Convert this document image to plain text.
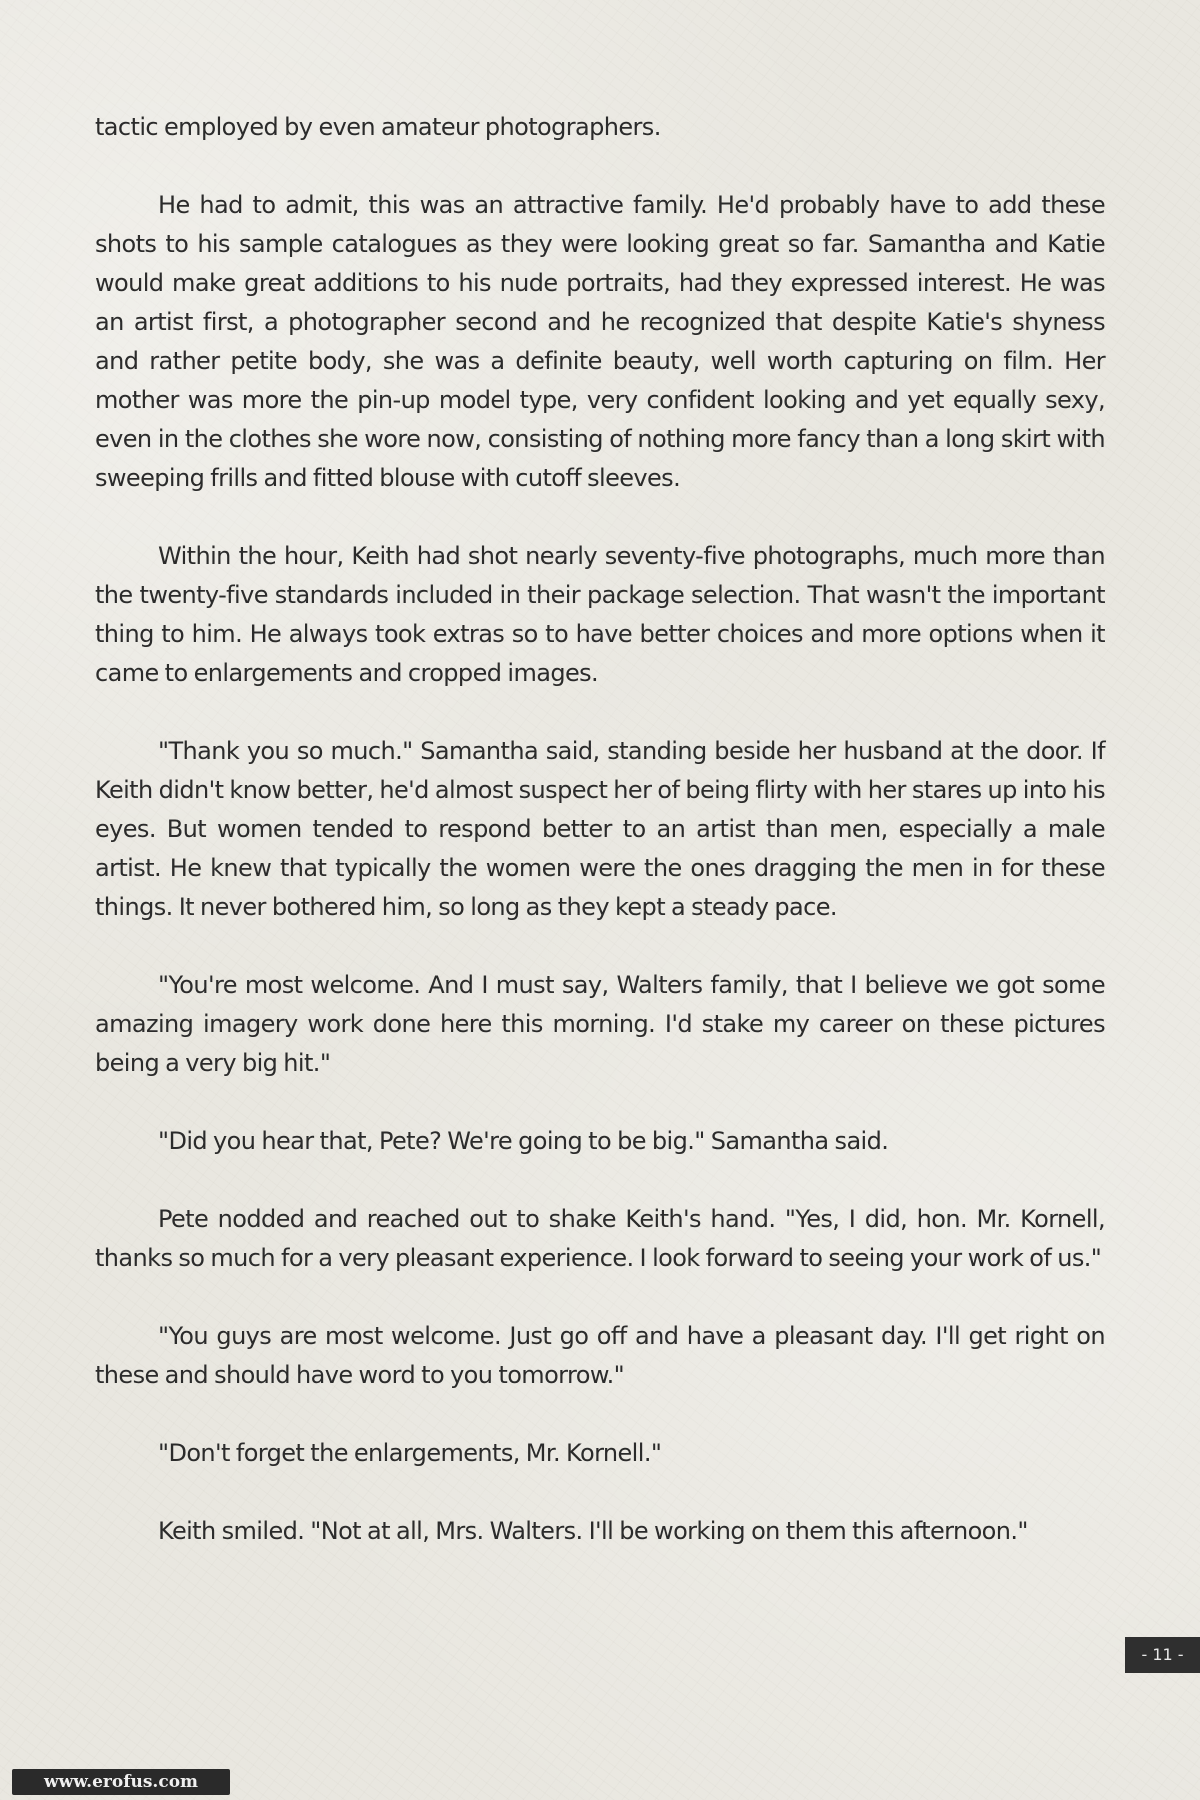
tactic employed by even amateur photographers.

He had to admit, this was an attractive family. He'd probably have to add these shots to his sample catalogues as they were looking great so far. Samantha and Katie would make great additions to his nude portraits, had they expressed interest. He was an artist first, a photographer second and he recognized that despite Katie's shyness and rather petite body, she was a definite beauty, well worth capturing on film. Her mother was more the pin-up model type, very confident looking and yet equally sexy, even in the clothes she wore now, consisting of nothing more fancy than a long skirt with sweeping frills and fitted blouse with cutoff sleeves.

Within the hour, Keith had shot nearly seventy-five photographs, much more than the twenty-five standards included in their package selection. That wasn't the important thing to him. He always took extras so to have better choices and more options when it came to enlargements and cropped images.

"Thank you so much." Samantha said, standing beside her husband at the door. If Keith didn't know better, he'd almost suspect her of being flirty with her stares up into his eyes. But women tended to respond better to an artist than men, especially a male artist. He knew that typically the women were the ones dragging the men in for these things. It never bothered him, so long as they kept a steady pace.

"You're most welcome. And I must say, Walters family, that I believe we got some amazing imagery work done here this morning. I'd stake my career on these pictures being a very big hit."

"Did you hear that, Pete? We're going to be big." Samantha said.

Pete nodded and reached out to shake Keith's hand. "Yes, I did, hon. Mr. Kornell, thanks so much for a very pleasant experience. I look forward to seeing your work of us."

"You guys are most welcome. Just go off and have a pleasant day. I'll get right on these and should have word to you tomorrow."

"Don't forget the enlargements, Mr. Kornell."

Keith smiled. "Not at all, Mrs. Walters. I'll be working on them this afternoon."

- 11 -
www.erofus.com
